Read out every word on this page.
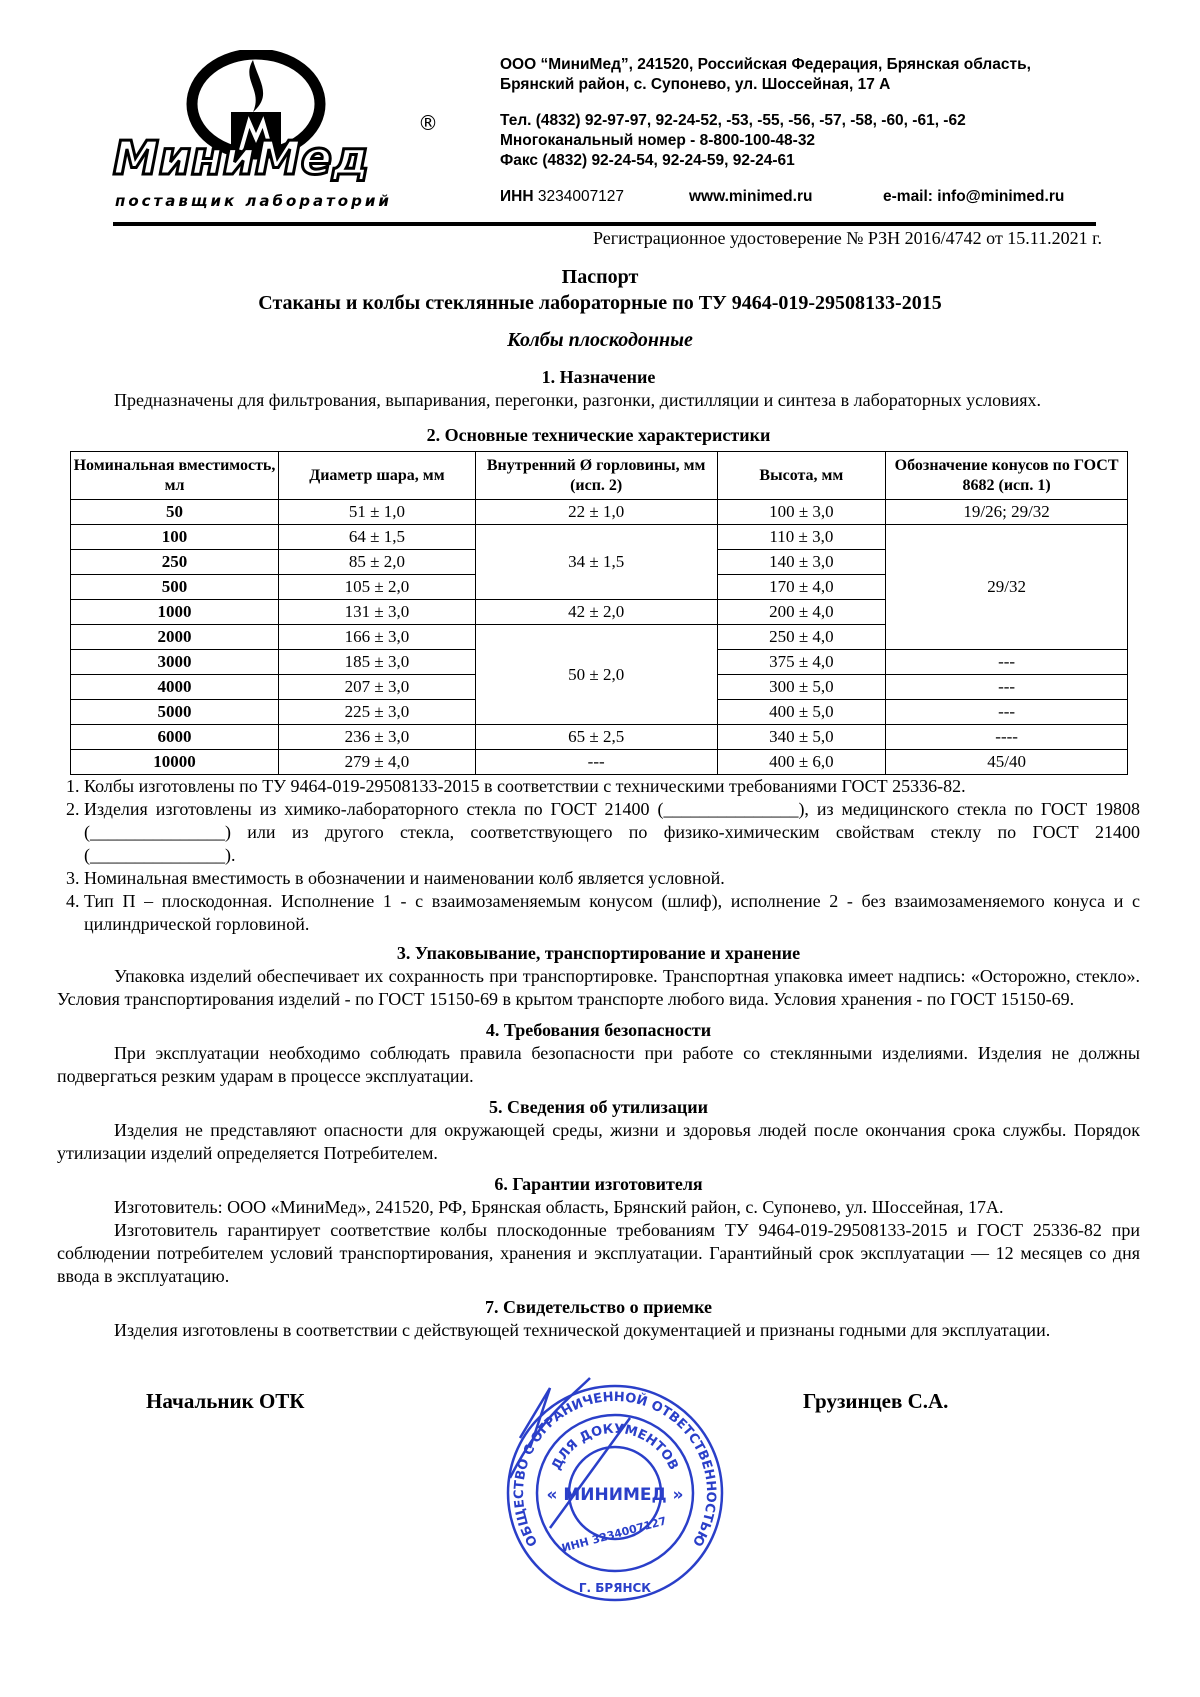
МиниМед
®
поставщик лабораторий
ООО “МиниМед”, 241520, Российская Федерация, Брянская область,
Брянский район, с. Супонево, ул. Шоссейная, 17 А
Тел. (4832) 92-97-97, 92-24-52, -53, -55, -56, -57, -58, -60, -61, -62
Многоканальный номер - 8-800-100-48-32
Факс (4832) 92-24-54, 92-24-59, 92-24-61
ИНН 3234007127	www.minimed.ru	e-mail: info@minimed.ru
Регистрационное удостоверение № РЗН 2016/4742 от 15.11.2021 г.
Паспорт
Стаканы и колбы стеклянные лабораторные по ТУ 9464-019-29508133-2015
Колбы плоскодонные
1. Назначение

Предназначены для фильтрования, выпаривания, перегонки, разгонки, дистилляции и синтеза в лабораторных условиях.

2. Основные технические характеристики
Номинальная вместимость, мл	Диаметр шара, мм	Внутренний Ø горловины, мм (исп. 2)	Высота, мм	Обозначение конусов по ГОСТ 8682 (исп. 1)
50	51 ± 1,0	22 ± 1,0	100 ± 3,0	19/26; 29/32
100	64 ± 1,5	34 ± 1,5	110 ± 3,0	29/32
250	85 ± 2,0		140 ± 3,0	
500	105 ± 2,0		170 ± 4,0	
1000	131 ± 3,0	42 ± 2,0	200 ± 4,0	
2000	166 ± 3,0	50 ± 2,0	250 ± 4,0	
3000	185 ± 3,0		375 ± 4,0	---
4000	207 ± 3,0		300 ± 5,0	---
5000	225 ± 3,0		400 ± 5,0	---
6000	236 ± 3,0	65 ± 2,5	340 ± 5,0	----
10000	279 ± 4,0	---	400 ± 6,0	45/40
1. Колбы изготовлены по ТУ 9464-019-29508133-2015 в соответствии с техническими требованиями ГОСТ 25336-82.
2. Изделия изготовлены из химико-лабораторного стекла по ГОСТ 21400 (_______________), из медицинского стекла по ГОСТ 19808 (_______________) или из другого стекла, соответствующего по физико-химическим свойствам стеклу по ГОСТ 21400 (_______________).
3. Номинальная вместимость в обозначении и наименовании колб является условной.
4. Тип П – плоскодонная. Исполнение 1 - с взаимозаменяемым конусом (шлиф), исполнение 2 - без взаимозаменяемого конуса и с цилиндрической горловиной.
3. Упаковывание, транспортирование и хранение

Упаковка изделий обеспечивает их сохранность при транспортировке. Транспортная упаковка имеет надпись: «Осторожно, стекло». Условия транспортирования изделий - по ГОСТ 15150-69 в крытом транспорте любого вида. Условия хранения - по ГОСТ 15150-69.

4. Требования безопасности

При эксплуатации необходимо соблюдать правила безопасности при работе со стеклянными изделиями. Изделия не должны подвергаться резким ударам в процессе эксплуатации.

5. Сведения об утилизации

Изделия не представляют опасности для окружающей среды, жизни и здоровья людей после окончания срока службы. Порядок утилизации изделий определяется Потребителем.

6. Гарантии изготовителя

Изготовитель: ООО «МиниМед», 241520, РФ, Брянская область, Брянский район, с. Супонево, ул. Шоссейная, 17А.

Изготовитель гарантирует соответствие колбы плоскодонные требованиям ТУ 9464-019-29508133-2015 и ГОСТ 25336-82 при соблюдении потребителем условий транспортирования, хранения и эксплуатации. Гарантийный срок эксплуатации — 12 месяцев со дня ввода в эксплуатацию.

7. Свидетельство о приемке

Изделия изготовлены в соответствии с действующей технической документацией и признаны годными для эксплуатации.

Начальник ОТК	Грузинцев С.А.
ОБЩЕСТВО С ОГРАНИЧЕННОЙ ОТВЕТСТВЕННОСТЬЮ
ДЛЯ ДОКУМЕНТОВ
« МИНИМЕД »
ИНН 3234007127
Г. БРЯНСК
